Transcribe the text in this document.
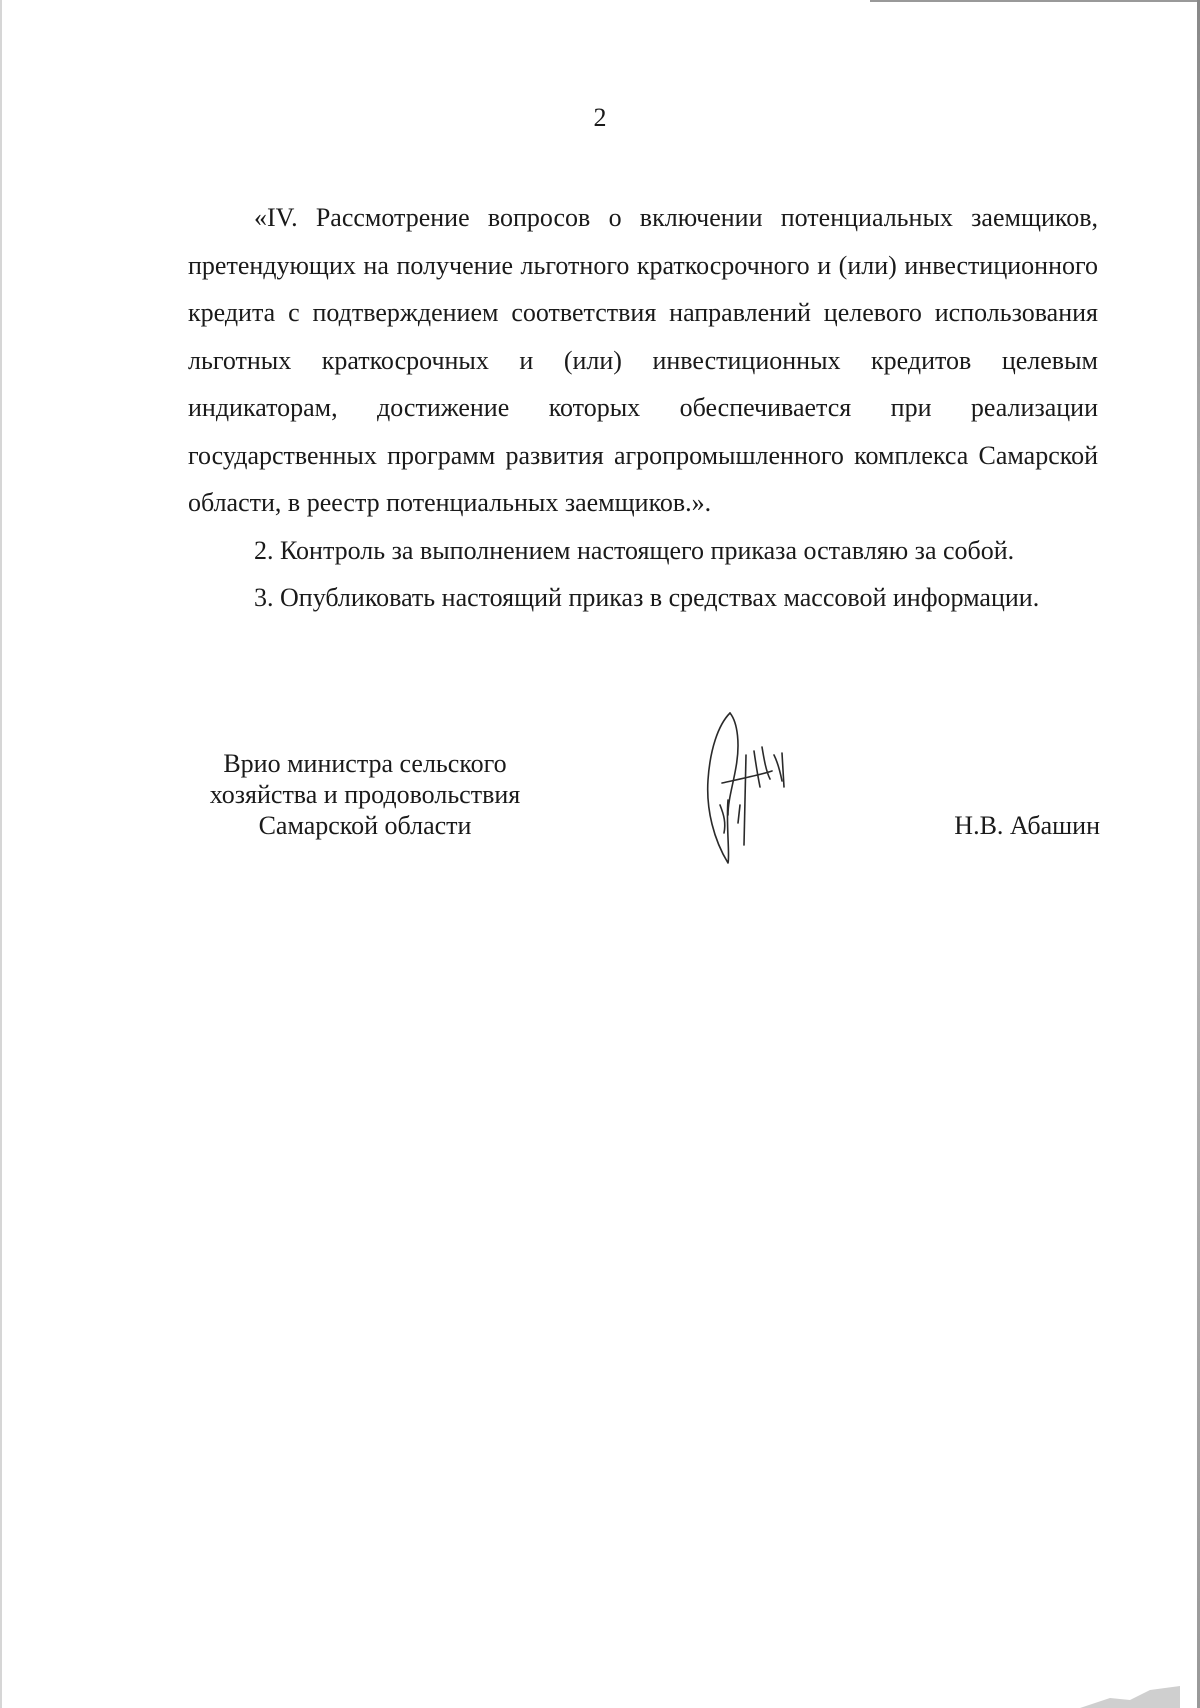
2

«IV. Рассмотрение вопросов о включении потенциальных заемщиков, претендующих на получение льготного краткосрочного и (или) инвестиционного кредита с подтверждением соответствия направлений целевого использования льготных краткосрочных и (или) инвестиционных кредитов целевым индикаторам, достижение которых обеспечивается при реализации государственных программ развития агропромышленного комплекса Самарской области, в реестр потенциальных заемщиков.».

2. Контроль за выполнением настоящего приказа оставляю за собой.

3. Опубликовать настоящий приказ в средствах массовой информации.

Врио министра сельского
хозяйства и продовольствия
Самарской области	Н.В. Абашин
